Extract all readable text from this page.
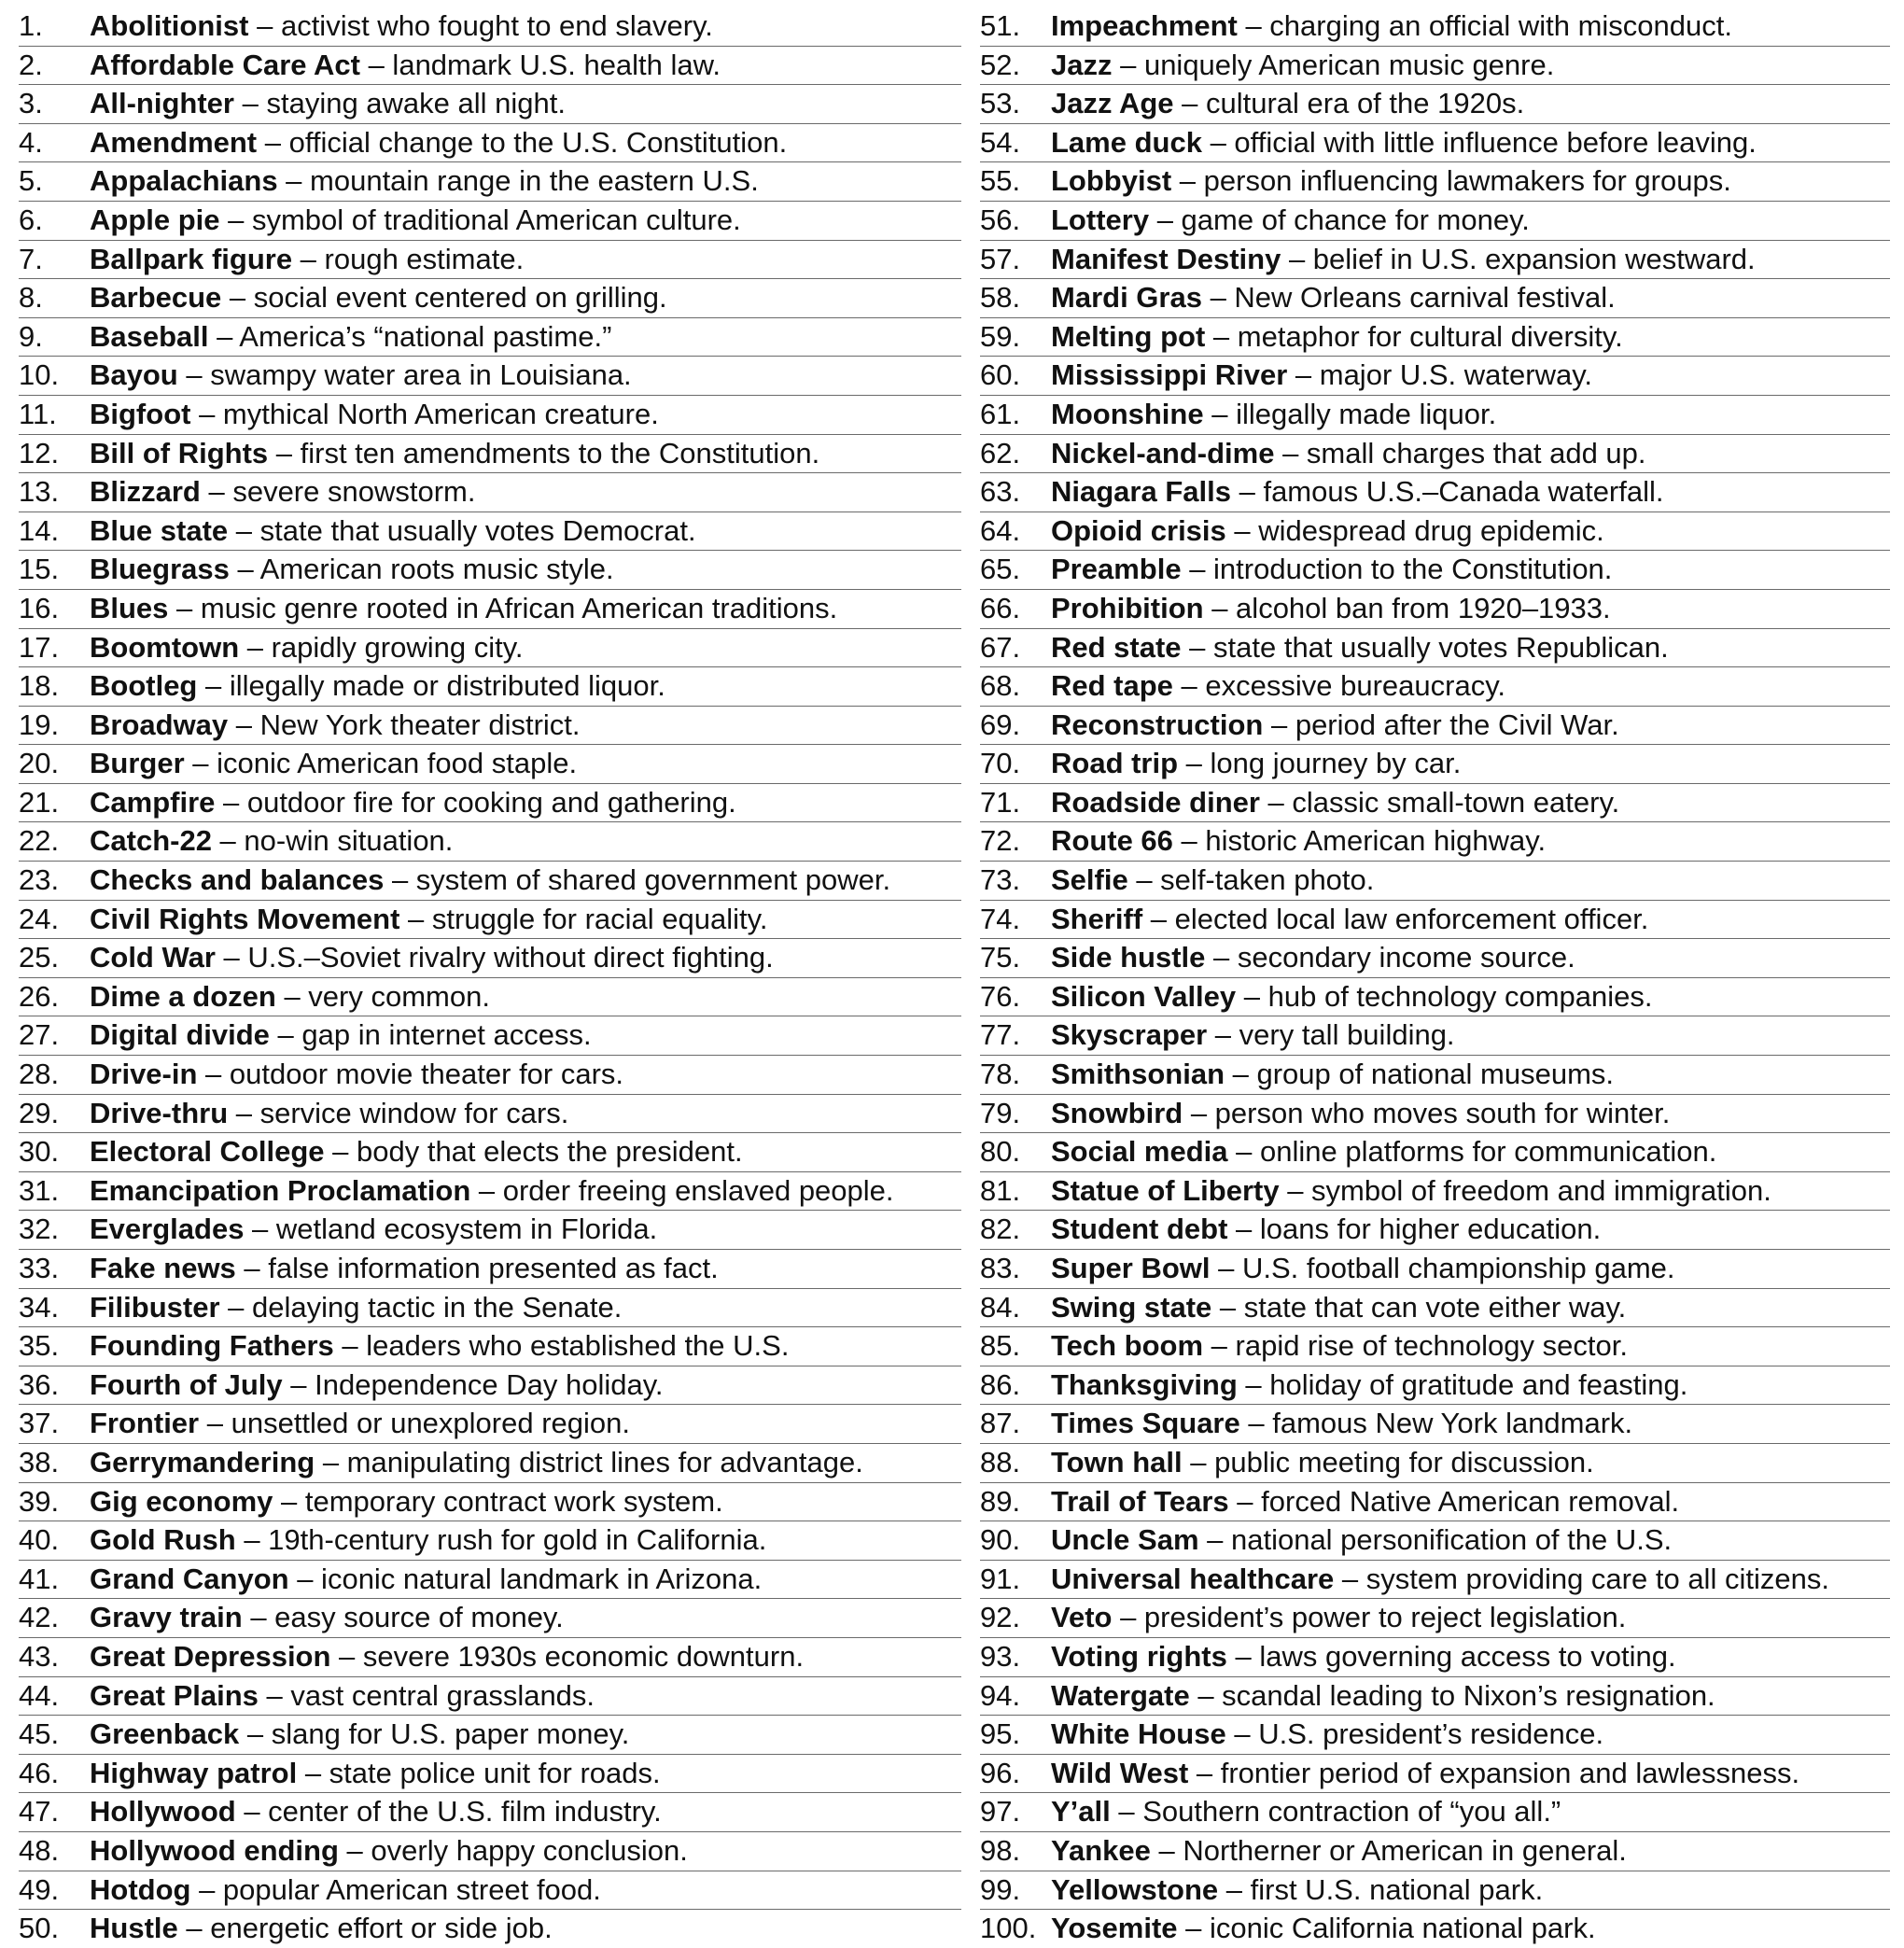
1. Abolitionist – activist who fought to end slavery.
2. Affordable Care Act – landmark U.S. health law.
3. All-nighter – staying awake all night.
4. Amendment – official change to the U.S. Constitution.
5. Appalachians – mountain range in the eastern U.S.
6. Apple pie – symbol of traditional American culture.
7. Ballpark figure – rough estimate.
8. Barbecue – social event centered on grilling.
9. Baseball – America’s “national pastime.”
10. Bayou – swampy water area in Louisiana.
11. Bigfoot – mythical North American creature.
12. Bill of Rights – first ten amendments to the Constitution.
13. Blizzard – severe snowstorm.
14. Blue state – state that usually votes Democrat.
15. Bluegrass – American roots music style.
16. Blues – music genre rooted in African American traditions.
17. Boomtown – rapidly growing city.
18. Bootleg – illegally made or distributed liquor.
19. Broadway – New York theater district.
20. Burger – iconic American food staple.
21. Campfire – outdoor fire for cooking and gathering.
22. Catch-22 – no-win situation.
23. Checks and balances – system of shared government power.
24. Civil Rights Movement – struggle for racial equality.
25. Cold War – U.S.–Soviet rivalry without direct fighting.
26. Dime a dozen – very common.
27. Digital divide – gap in internet access.
28. Drive-in – outdoor movie theater for cars.
29. Drive-thru – service window for cars.
30. Electoral College – body that elects the president.
31. Emancipation Proclamation – order freeing enslaved people.
32. Everglades – wetland ecosystem in Florida.
33. Fake news – false information presented as fact.
34. Filibuster – delaying tactic in the Senate.
35. Founding Fathers – leaders who established the U.S.
36. Fourth of July – Independence Day holiday.
37. Frontier – unsettled or unexplored region.
38. Gerrymandering – manipulating district lines for advantage.
39. Gig economy – temporary contract work system.
40. Gold Rush – 19th-century rush for gold in California.
41. Grand Canyon – iconic natural landmark in Arizona.
42. Gravy train – easy source of money.
43. Great Depression – severe 1930s economic downturn.
44. Great Plains – vast central grasslands.
45. Greenback – slang for U.S. paper money.
46. Highway patrol – state police unit for roads.
47. Hollywood – center of the U.S. film industry.
48. Hollywood ending – overly happy conclusion.
49. Hotdog – popular American street food.
50. Hustle – energetic effort or side job.
51. Impeachment – charging an official with misconduct.
52. Jazz – uniquely American music genre.
53. Jazz Age – cultural era of the 1920s.
54. Lame duck – official with little influence before leaving.
55. Lobbyist – person influencing lawmakers for groups.
56. Lottery – game of chance for money.
57. Manifest Destiny – belief in U.S. expansion westward.
58. Mardi Gras – New Orleans carnival festival.
59. Melting pot – metaphor for cultural diversity.
60. Mississippi River – major U.S. waterway.
61. Moonshine – illegally made liquor.
62. Nickel-and-dime – small charges that add up.
63. Niagara Falls – famous U.S.–Canada waterfall.
64. Opioid crisis – widespread drug epidemic.
65. Preamble – introduction to the Constitution.
66. Prohibition – alcohol ban from 1920–1933.
67. Red state – state that usually votes Republican.
68. Red tape – excessive bureaucracy.
69. Reconstruction – period after the Civil War.
70. Road trip – long journey by car.
71. Roadside diner – classic small-town eatery.
72. Route 66 – historic American highway.
73. Selfie – self-taken photo.
74. Sheriff – elected local law enforcement officer.
75. Side hustle – secondary income source.
76. Silicon Valley – hub of technology companies.
77. Skyscraper – very tall building.
78. Smithsonian – group of national museums.
79. Snowbird – person who moves south for winter.
80. Social media – online platforms for communication.
81. Statue of Liberty – symbol of freedom and immigration.
82. Student debt – loans for higher education.
83. Super Bowl – U.S. football championship game.
84. Swing state – state that can vote either way.
85. Tech boom – rapid rise of technology sector.
86. Thanksgiving – holiday of gratitude and feasting.
87. Times Square – famous New York landmark.
88. Town hall – public meeting for discussion.
89. Trail of Tears – forced Native American removal.
90. Uncle Sam – national personification of the U.S.
91. Universal healthcare – system providing care to all citizens.
92. Veto – president’s power to reject legislation.
93. Voting rights – laws governing access to voting.
94. Watergate – scandal leading to Nixon’s resignation.
95. White House – U.S. president’s residence.
96. Wild West – frontier period of expansion and lawlessness.
97. Y’all – Southern contraction of “you all.”
98. Yankee – Northerner or American in general.
99. Yellowstone – first U.S. national park.
100. Yosemite – iconic California national park.
